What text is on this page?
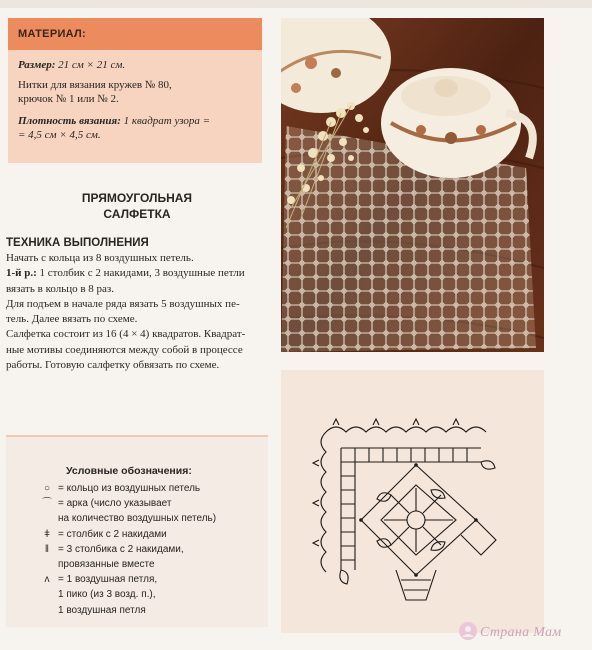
МАТЕРИАЛ:

Размер: 21 см × 21 см.

Нитки для вязания кружев № 80,
крючок № 1 или № 2.

Плотность вязания: 1 квадрат узора =
= 4,5 см × 4,5 см.

ПРЯМОУГОЛЬНАЯ
САЛФЕТКА
ТЕХНИКА ВЫПОЛНЕНИЯ

Начать с кольца из 8 воздушных петель.

1-й р.: 1 столбик с 2 накидами, 3 воздушные петли

вязать в кольцо в 8 раз.

Для подъем в начале ряда вязать 5 воздушных пе-

тель. Далее вязать по схеме.

Салфетка состоит из 16 (4 × 4) квадратов. Квадрат-

ные мотивы соединяются между собой в процессе

работы. Готовую салфетку обвязать по схеме.

Условные обозначения:
○ = кольцо из воздушных петель
⌒ = арка (число указывает
на количество воздушных петель)
ǂ = столбик с 2 накидами
ǁ = 3 столбика с 2 накидами,
провязанные вместе
ᴧ = 1 воздушная петля,
1 пико (из 3 возд. п.),
1 воздушная петля
Страна Мам
